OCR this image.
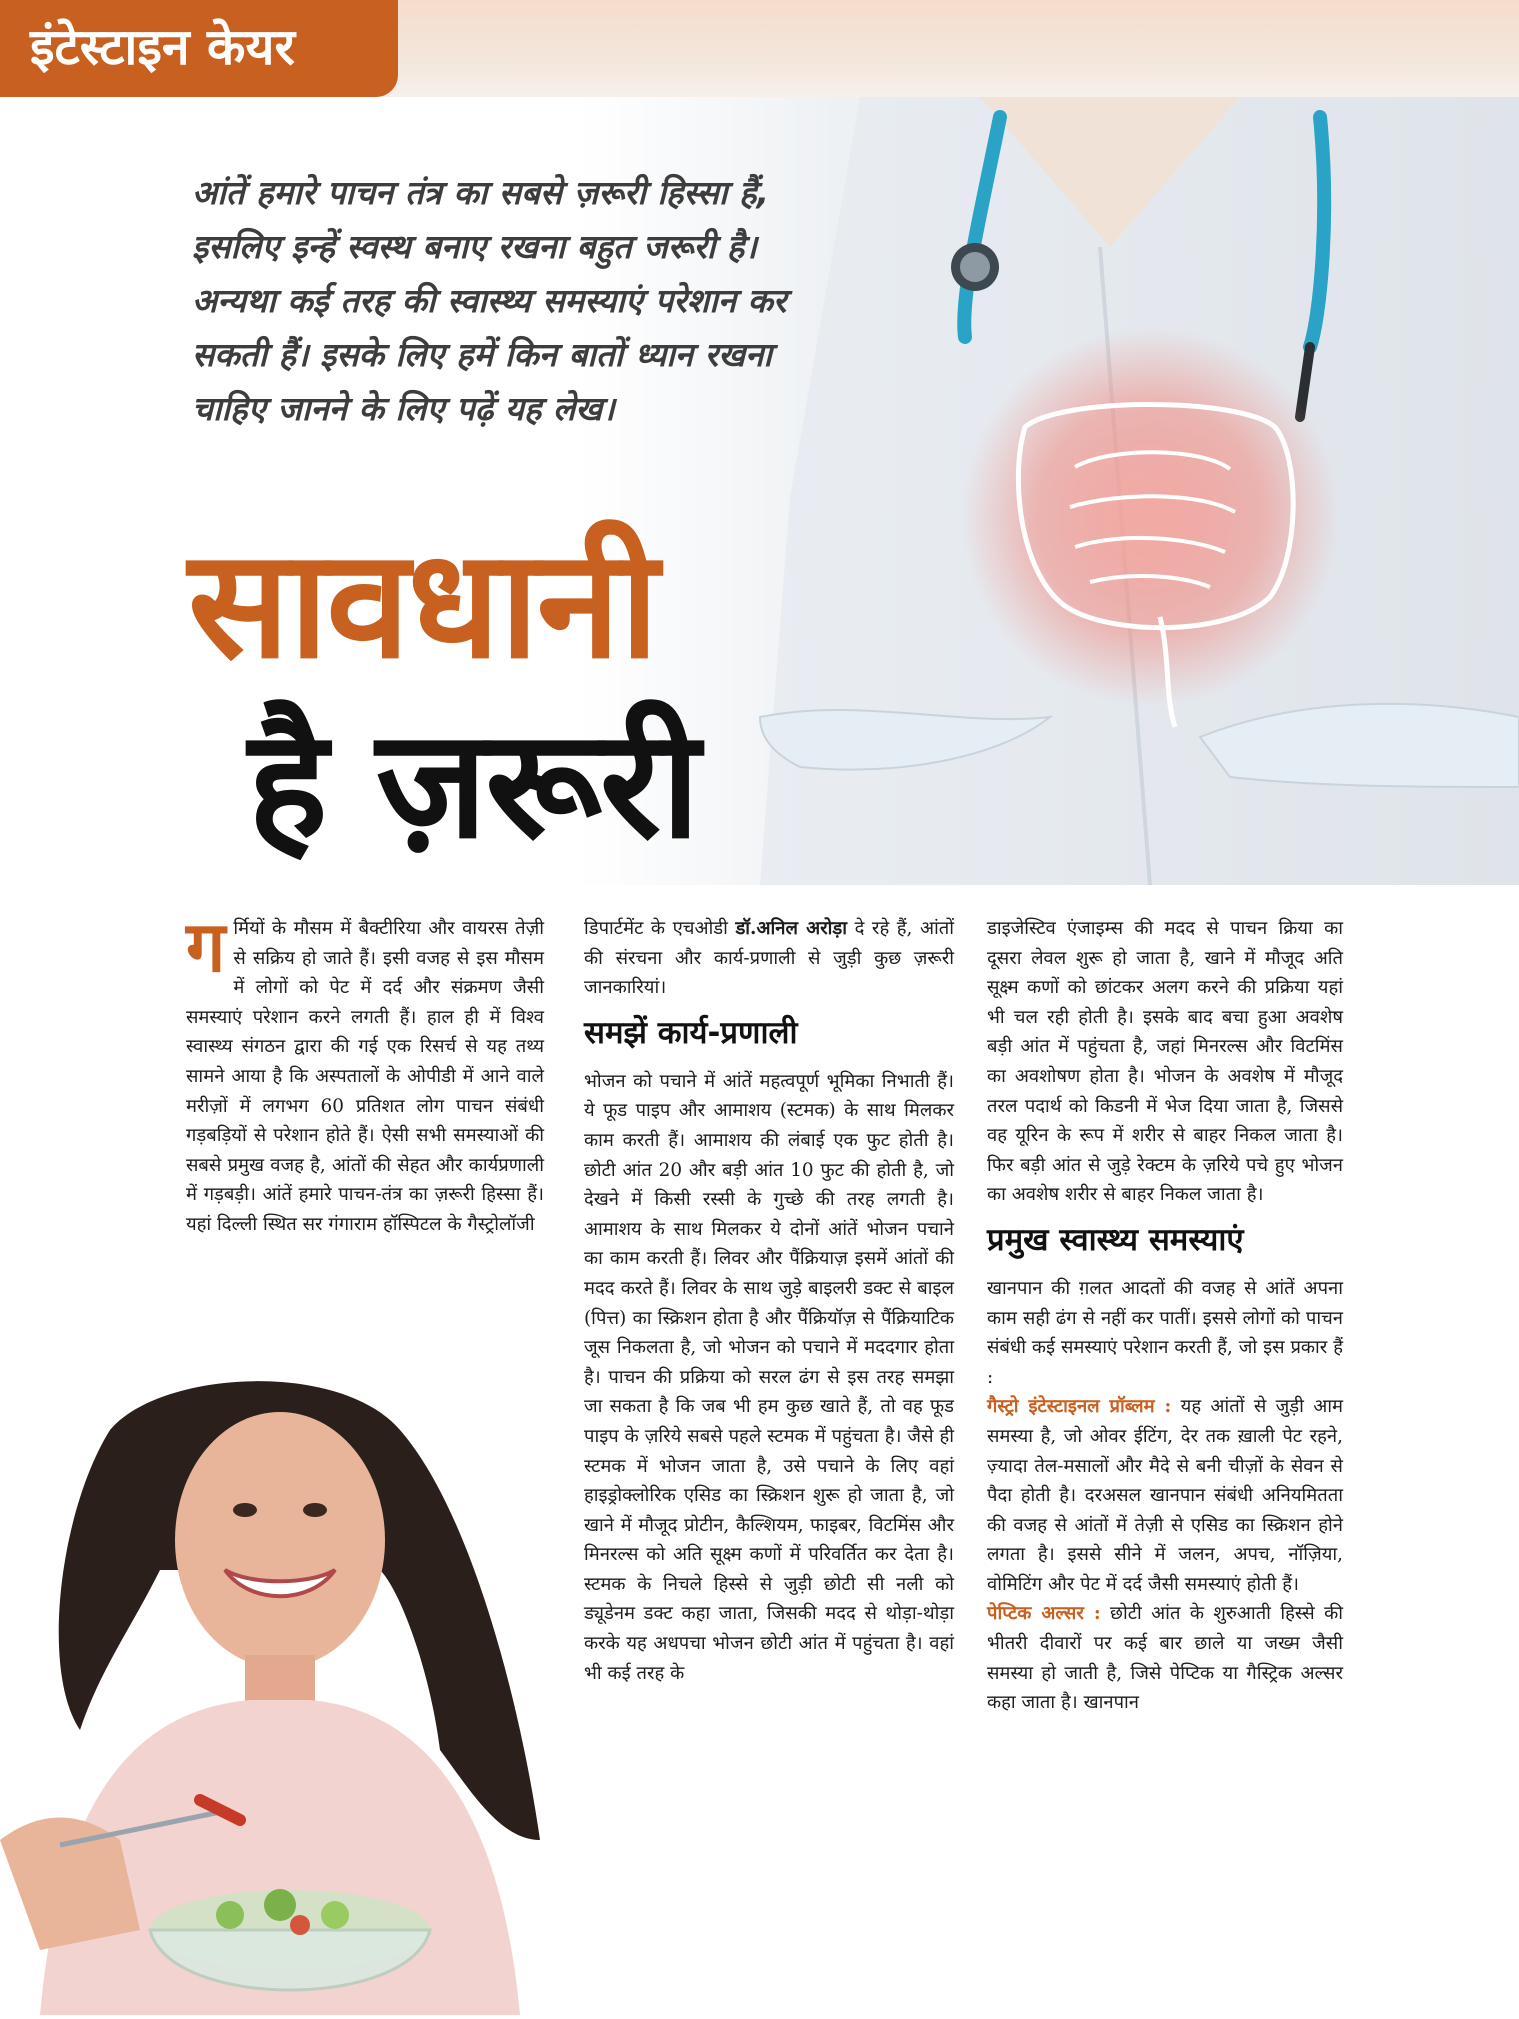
इंटेस्टाइन केयर
आंतें हमारे पाचन तंत्र का सबसे ज़रूरी हिस्सा हैं, इसलिए इन्हें स्वस्थ बनाए रखना बहुत जरूरी है। अन्यथा कई तरह की स्वास्थ्य समस्याएं परेशान कर सकती हैं। इसके लिए हमें किन बातों ध्यान रखना चाहिए जानने के लिए पढ़ें यह लेख।
सावधानी
है ज़रूरी
ग र्मियों के मौसम में बैक्टीरिया और वायरस तेज़ी से सक्रिय हो जाते हैं। इसी वजह से इस मौसम में लोगों को पेट में दर्द और संक्रमण जैसी समस्याएं परेशान करने लगती हैं। हाल ही में विश्व स्वास्थ्य संगठन द्वारा की गई एक रिसर्च से यह तथ्य सामने आया है कि अस्पतालों के ओपीडी में आने वाले मरीज़ों में लगभग 60 प्रतिशत लोग पाचन संबंधी गड़बड़ियों से परेशान होते हैं। ऐसी सभी समस्याओं की सबसे प्रमुख वजह है, आंतों की सेहत और कार्यप्रणाली में गड़बड़ी। आंतें हमारे पाचन-तंत्र का ज़रूरी हिस्सा हैं। यहां दिल्ली स्थित सर गंगाराम हॉस्पिटल के गैस्ट्रोलॉजी
डिपार्टमेंट के एचओडी डॉ.अनिल अरोड़ा दे रहे हैं, आंतों की संरचना और कार्य-प्रणाली से जुड़ी कुछ ज़रूरी जानकारियां।
समझें कार्य-प्रणाली
भोजन को पचाने में आंतें महत्वपूर्ण भूमिका निभाती हैं। ये फूड पाइप और आमाशय (स्टमक) के साथ मिलकर काम करती हैं। आमाशय की लंबाई एक फुट होती है। छोटी आंत 20 और बड़ी आंत 10 फुट की होती है, जो देखने में किसी रस्सी के गुच्छे की तरह लगती है। आमाशय के साथ मिलकर ये दोनों आंतें भोजन पचाने का काम करती हैं। लिवर और पैंक्रियाज़ इसमें आंतों की मदद करते हैं। लिवर के साथ जुड़े बाइलरी डक्ट से बाइल (पित्त) का स्क्रिशन होता है और पैंक्रियॉज़ से पैंक्रियाटिक जूस निकलता है, जो भोजन को पचाने में मददगार होता है। पाचन की प्रक्रिया को सरल ढंग से इस तरह समझा जा सकता है कि जब भी हम कुछ खाते हैं, तो वह फूड पाइप के ज़रिये सबसे पहले स्टमक में पहुंचता है। जैसे ही स्टमक में भोजन जाता है, उसे पचाने के लिए वहां हाइड्रोक्लोरिक एसिड का स्क्रिशन शुरू हो जाता है, जो खाने में मौजूद प्रोटीन, कैल्शियम, फाइबर, विटमिंस और मिनरल्स को अति सूक्ष्म कणों में परिवर्तित कर देता है। स्टमक के निचले हिस्से से जुड़ी छोटी सी नली को ड्यूडेनम डक्ट कहा जाता, जिसकी मदद से थोड़ा-थोड़ा करके यह अधपचा भोजन छोटी आंत में पहुंचता है। वहां भी कई तरह के
डाइजेस्टिव एंजाइम्स की मदद से पाचन क्रिया का दूसरा लेवल शुरू हो जाता है, खाने में मौजूद अति सूक्ष्म कणों को छांटकर अलग करने की प्रक्रिया यहां भी चल रही होती है। इसके बाद बचा हुआ अवशेष बड़ी आंत में पहुंचता है, जहां मिनरल्स और विटमिंस का अवशोषण होता है। भोजन के अवशेष में मौजूद तरल पदार्थ को किडनी में भेज दिया जाता है, जिससे वह यूरिन के रूप में शरीर से बाहर निकल जाता है। फिर बड़ी आंत से जुड़े रेक्टम के ज़रिये पचे हुए भोजन का अवशेष शरीर से बाहर निकल जाता है।
प्रमुख स्वास्थ्य समस्याएं
खानपान की ग़लत आदतों की वजह से आंतें अपना काम सही ढंग से नहीं कर पातीं। इससे लोगों को पाचन संबंधी कई समस्याएं परेशान करती हैं, जो इस प्रकार हैं :
गैस्ट्रो इंटेस्टाइनल प्रॉब्लम : यह आंतों से जुड़ी आम समस्या है, जो ओवर ईटिंग, देर तक ख़ाली पेट रहने, ज़्यादा तेल-मसालों और मैदे से बनी चीज़ों के सेवन से पैदा होती है। दरअसल खानपान संबंधी अनियमितता की वजह से आंतों में तेज़ी से एसिड का स्क्रिशन होने लगता है। इससे सीने में जलन, अपच, नॉज़िया, वोमिटिंग और पेट में दर्द जैसी समस्याएं होती हैं।
पेप्टिक अल्सर : छोटी आंत के शुरुआती हिस्से की भीतरी दीवारों पर कई बार छाले या जख्म जैसी समस्या हो जाती है, जिसे पेप्टिक या गैस्ट्रिक अल्सर कहा जाता है। खानपान
